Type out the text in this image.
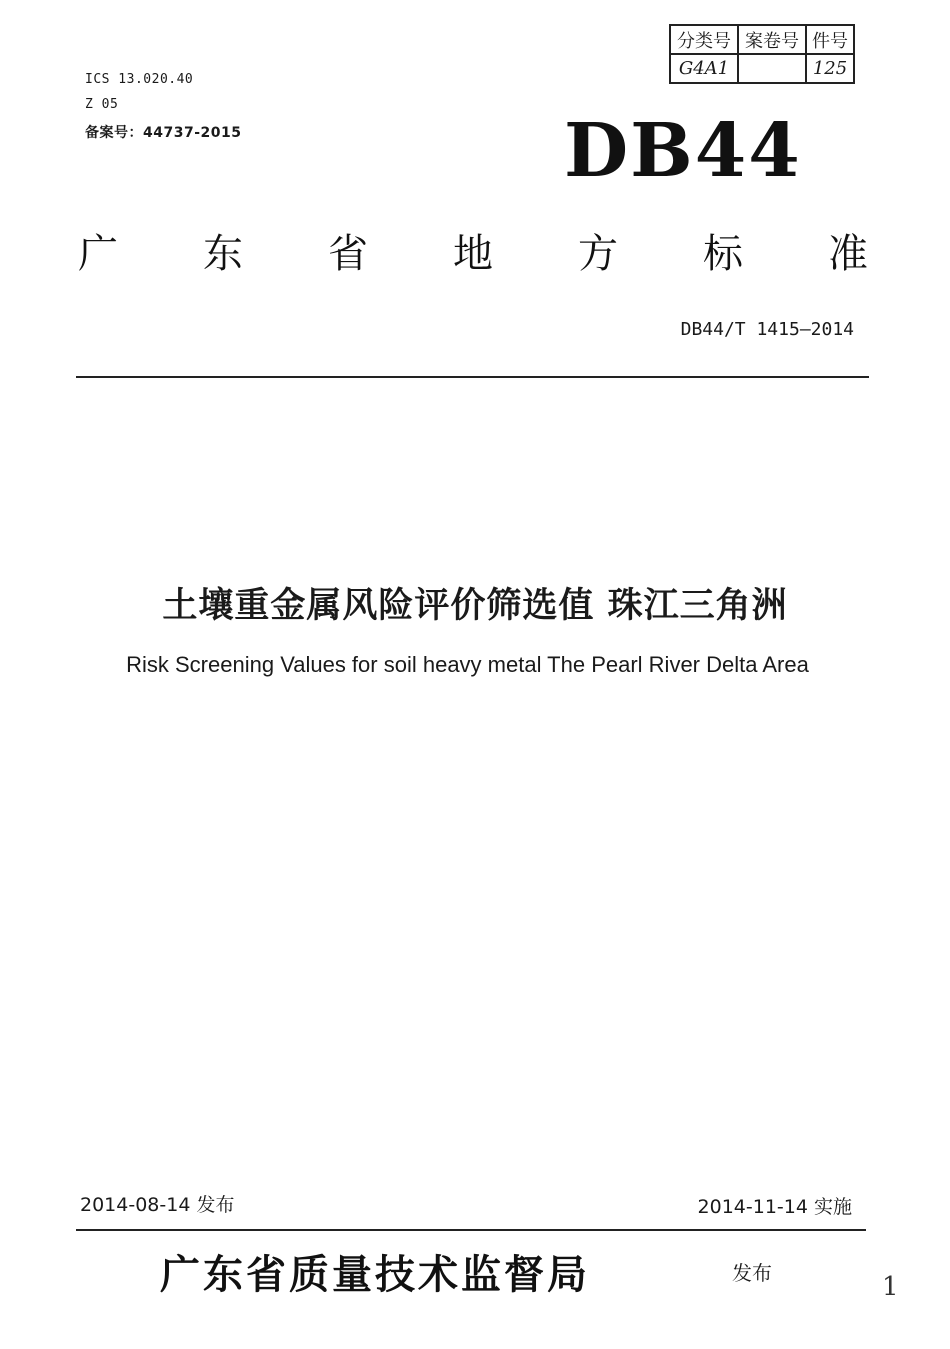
ICS 13.020.40
Z 05
备案号：44737-2015
分类号	案卷号	件号
G4A1		125
DB44
广 东 省 地 方 标 准
DB44/T 1415—2014
土壤重金属风险评价筛选值 珠江三角洲
Risk Screening Values for soil heavy metal The Pearl River Delta Area
2014-08-14 发布	2014-11-14 实施
广东省质量技术监督局	发布	1
